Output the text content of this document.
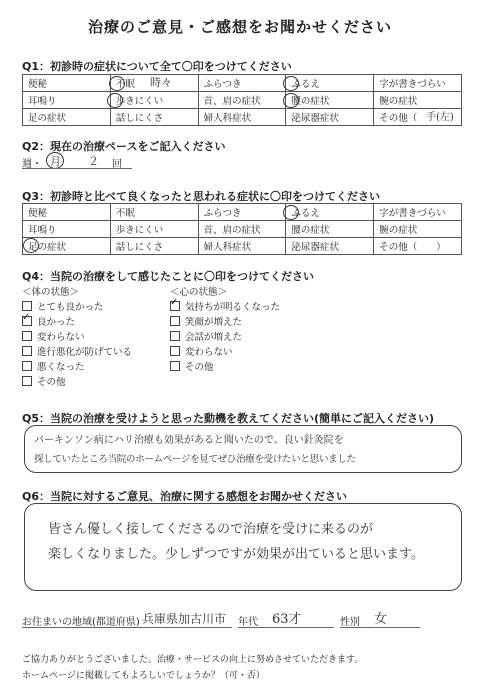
治療のご意見・ご感想をお聞かせください
Q1：初診時の症状について全て〇印をつけてください
便秘	不眠	ふらつき	ふるえ	字が書きづらい
耳鳴り	歩きにくい	首、肩の症状	腰の症状	腕の症状
足の症状	話しにくさ	婦人科症状	泌尿器症状	その他（
時々
手(左)
Q2：現在の治療ペースをご記入ください
週・ 月 ２ 回
Q3：初診時と比べて良くなったと思われる症状に〇印をつけてください
便秘	不眠	ふらつき	ふるえ	字が書きづらい
耳鳴り	歩きにくい	首、肩の症状	腰の症状	腕の症状
足の症状	話しにくさ	婦人科症状	泌尿器症状	その他（　　）
Q4：当院の治療をして感じたことに〇印をつけてください
＜体の状態＞	＜心の状態＞
とても良かった
✓良かった
変わらない
進行悪化が防げている
悪くなった
その他
✓気持ちが明るくなった
笑顔が増えた
会話が増えた
変わらない
その他
Q5：当院の治療を受けようと思った動機を教えてください(簡単にご記入ください)
パーキンソン病にハリ治療も効果があると聞いたので、良い針灸院を
探していたところ当院のホームページを見てぜひ治療を受けたいと思いました
Q6：当院に対するご意見、治療に関する感想をお聞かせください
皆さん優しく接してくださるので治療を受けに来るのが
楽しくなりました。少しずつですが効果が出ていると思います。
お住まいの地域(都道府県) 兵庫県加古川市 年代 63才	性別 女
ご協力ありがとうございました。治療・サービスの向上に努めさせていただきます。
ホームページに掲載してもよろしいでしょうか？（可・否）
